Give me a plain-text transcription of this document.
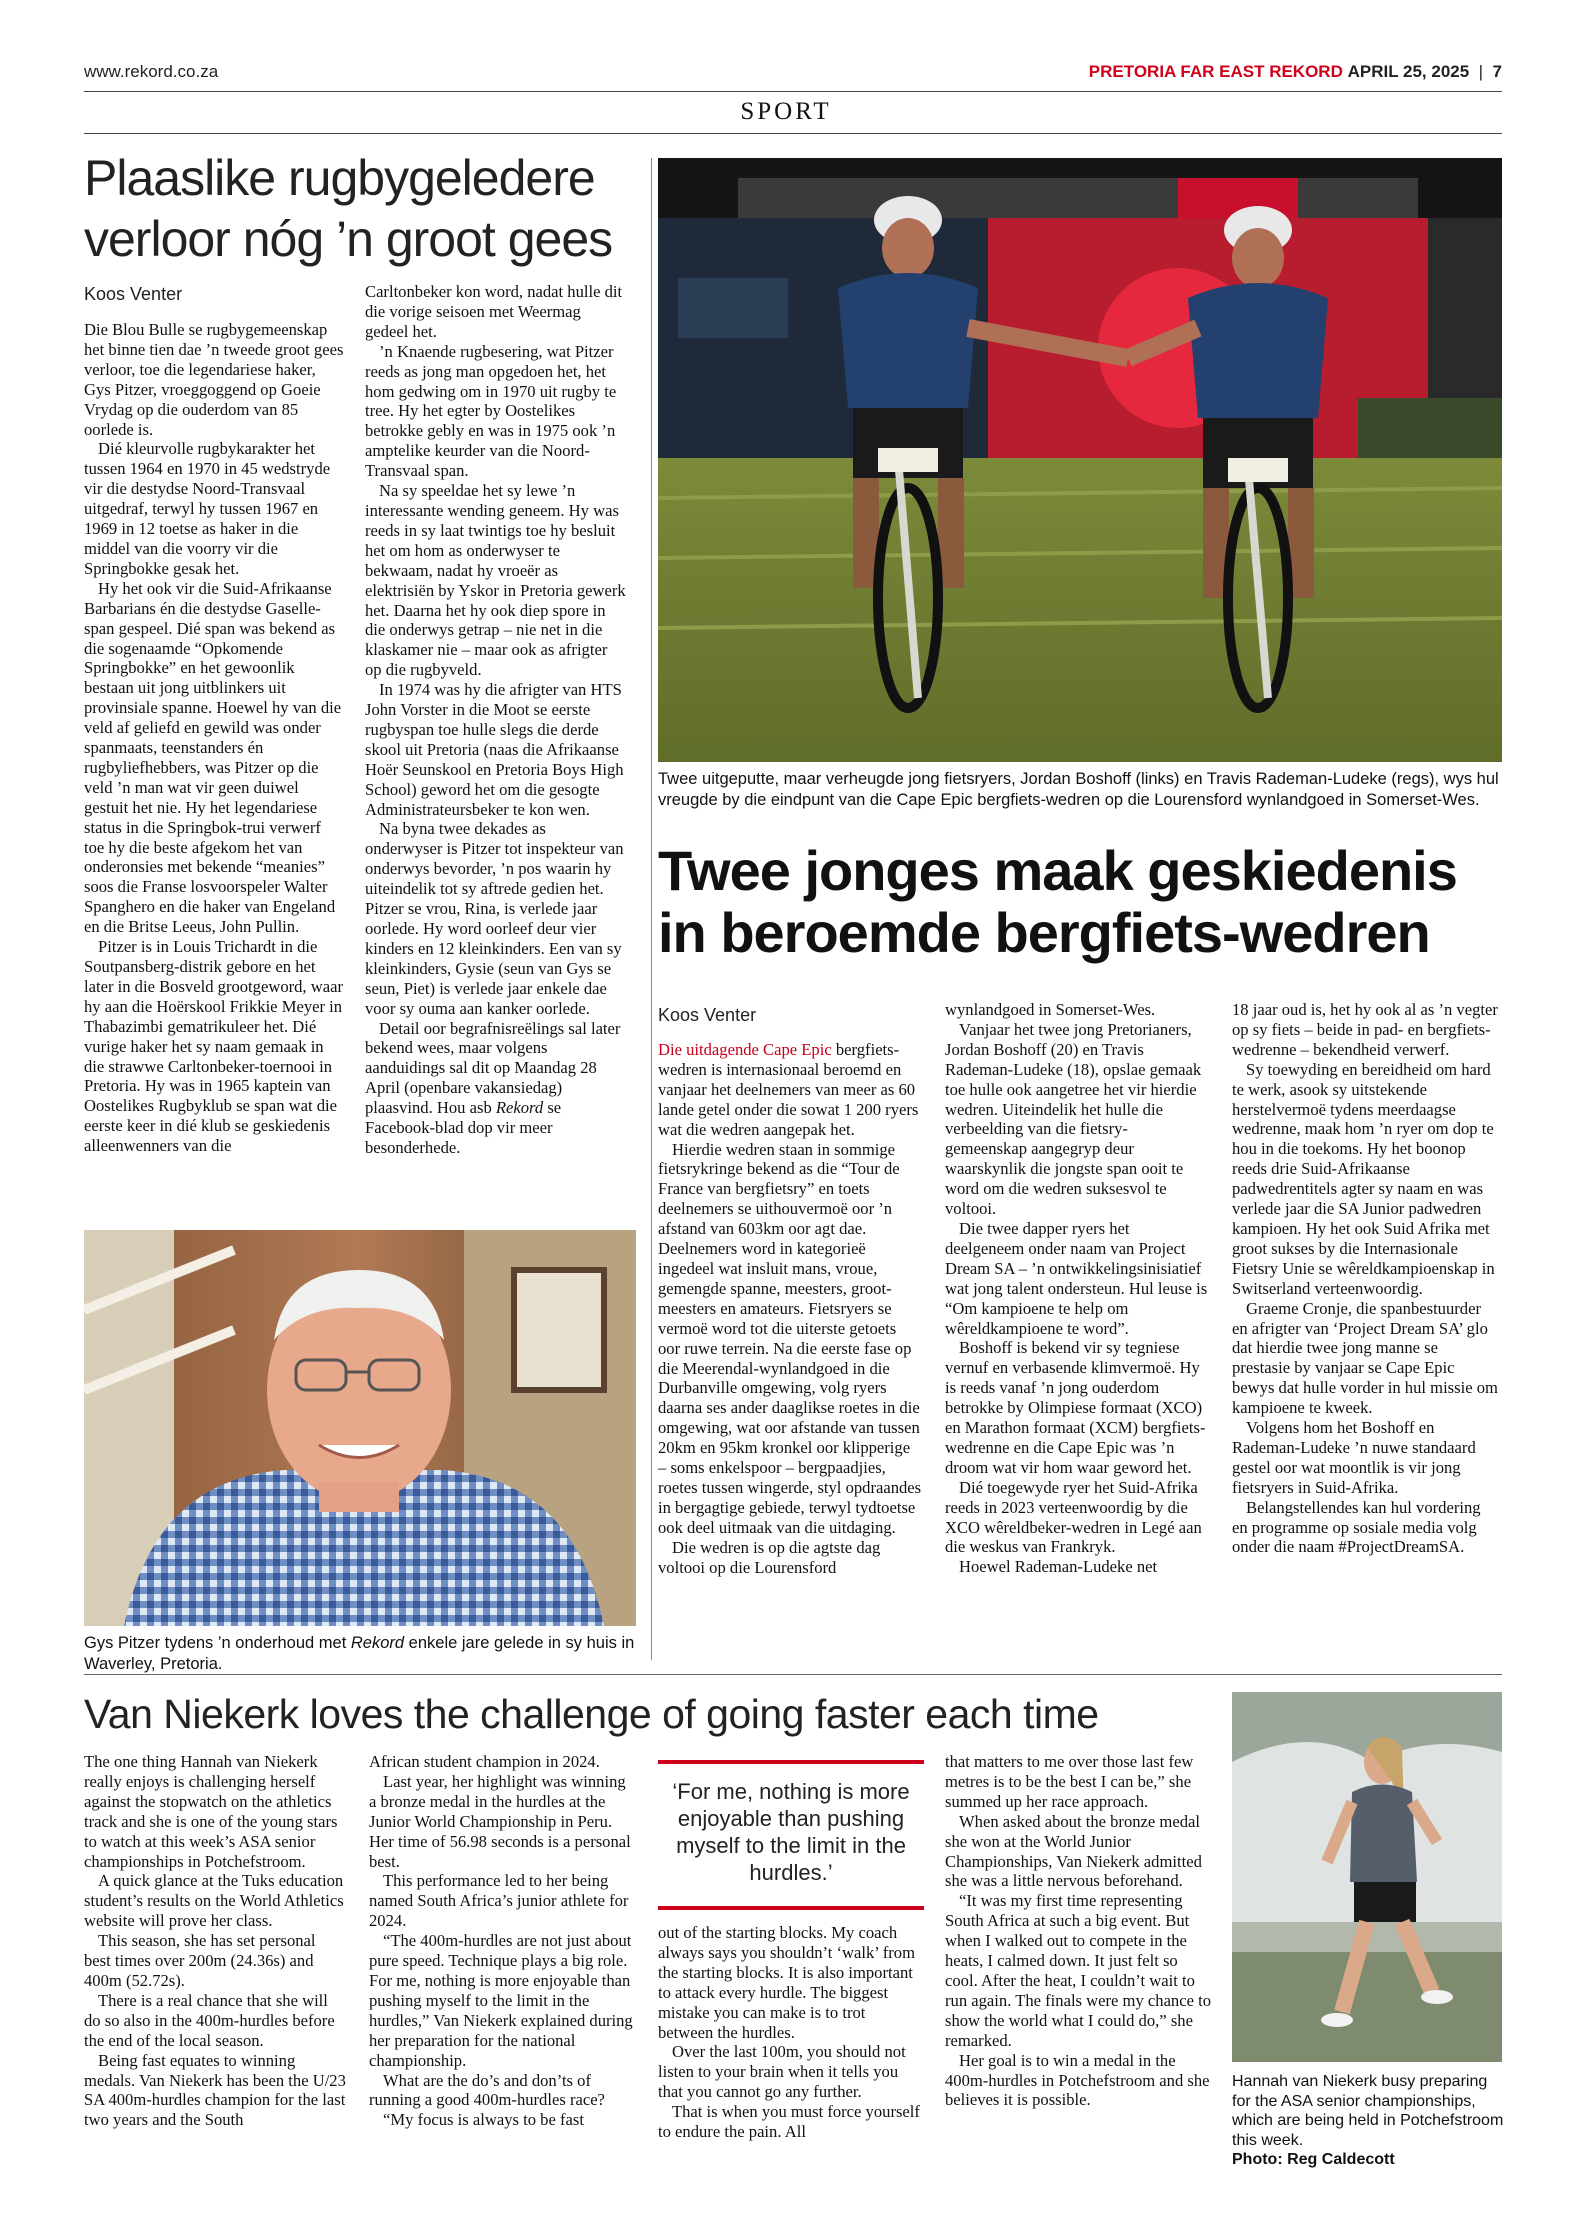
www.rekord.co.za	PRETORIA FAR EAST REKORD APRIL 25, 2025 | 7
SPORT
Plaaslike rugbygeledere verloor nóg ’n groot gees
Koos Venter

Die Blou Bulle se rugbygemeenskap het binne tien dae ’n tweede groot gees verloor, toe die legendariese haker, Gys Pitzer, vroeggoggend op Goeie Vrydag op die ouderdom van 85 oorlede is.

Dié kleurvolle rugbykarakter het tussen 1964 en 1970 in 45 wedstryde vir die destydse Noord-Transvaal uitgedraf, terwyl hy tussen 1967 en 1969 in 12 toetse as haker in die middel van die voorry vir die Springbokke gesak het.

Hy het ook vir die Suid-Afrikaanse Barbarians én die destydse Gaselle-span gespeel. Dié span was bekend as die sogenaamde “Opkomende Springbokke” en het gewoonlik bestaan uit jong uitblinkers uit provinsiale spanne. Hoewel hy van die veld af geliefd en gewild was onder spanmaats, teenstanders én rugbyliefhebbers, was Pitzer op die veld ’n man wat vir geen duiwel gestuit het nie. Hy het legendariese status in die Springbok-trui verwerf toe hy die beste afgekom het van onderonsies met bekende “meanies” soos die Franse losvoorspeler Walter Spanghero en die haker van Engeland en die Britse Leeus, John Pullin.

Pitzer is in Louis Trichardt in die Soutpansberg-distrik gebore en het later in die Bosveld grootgeword, waar hy aan die Hoërskool Frikkie Meyer in Thabazimbi gematrikuleer het. Dié vurige haker het sy naam gemaak in die strawwe Carltonbeker-toernooi in Pretoria. Hy was in 1965 kaptein van Oostelikes Rugbyklub se span wat die eerste keer in dié klub se geskiedenis alleenwenners van die

Carltonbeker kon word, nadat hulle dit die vorige seisoen met Weermag gedeel het.

’n Knaende rugbesering, wat Pitzer reeds as jong man opgedoen het, het hom gedwing om in 1970 uit rugby te tree. Hy het egter by Oostelikes betrokke gebly en was in 1975 ook ’n amptelike keurder van die Noord-Transvaal span.

Na sy speeldae het sy lewe ’n interessante wending geneem. Hy was reeds in sy laat twintigs toe hy besluit het om hom as onderwyser te bekwaam, nadat hy vroeër as elektrisiën by Yskor in Pretoria gewerk het. Daarna het hy ook diep spore in die onderwys getrap – nie net in die klaskamer nie – maar ook as afrigter op die rugbyveld.

In 1974 was hy die afrigter van HTS John Vorster in die Moot se eerste rugbyspan toe hulle slegs die derde skool uit Pretoria (naas die Afrikaanse Hoër Seunskool en Pretoria Boys High School) geword het om die gesogte Administrateursbeker te kon wen.

Na byna twee dekades as onderwyser is Pitzer tot inspekteur van onderwys bevorder, ’n pos waarin hy uiteindelik tot sy aftrede gedien het. Pitzer se vrou, Rina, is verlede jaar oorlede. Hy word oorleef deur vier kinders en 12 kleinkinders. Een van sy kleinkinders, Gysie (seun van Gys se seun, Piet) is verlede jaar enkele dae voor sy ouma aan kanker oorlede.

Detail oor begrafnisreëlings sal later bekend wees, maar volgens aanduidings sal dit op Maandag 28 April (openbare vakansiedag) plaasvind. Hou asb Rekord se Facebook-blad dop vir meer besonderhede.

Gys Pitzer tydens ’n onderhoud met Rekord enkele jare gelede in sy huis in Waverley, Pretoria.
Twee uitgeputte, maar verheugde jong fietsryers, Jordan Boshoff (links) en Travis Rademan-Ludeke (regs), wys hul vreugde by die eindpunt van die Cape Epic bergfiets-wedren op die Lourensford wynlandgoed in Somerset-Wes.
Twee jonges maak geskiedenis in beroemde bergfiets-wedren
Koos Venter

Die uitdagende Cape Epic bergfiets-wedren is internasionaal beroemd en vanjaar het deelnemers van meer as 60 lande getel onder die sowat 1 200 ryers wat die wedren aangepak het.

Hierdie wedren staan in sommige fietsrykringe bekend as die “Tour de France van bergfietsry” en toets deelnemers se uithouvermoë oor ’n afstand van 603km oor agt dae. Deelnemers word in kategorieë ingedeel wat insluit mans, vroue, gemengde spanne, meesters, groot-meesters en amateurs. Fietsryers se vermoë word tot die uiterste getoets oor ruwe terrein. Na die eerste fase op die Meerendal-wynlandgoed in die Durbanville omgewing, volg ryers daarna ses ander daaglikse roetes in die omgewing, wat oor afstande van tussen 20km en 95km kronkel oor klipperige – soms enkelspoor – bergpaadjies, roetes tussen wingerde, styl opdraandes in bergagtige gebiede, terwyl tydtoetse ook deel uitmaak van die uitdaging.

Die wedren is op die agtste dag voltooi op die Lourensford

wynlandgoed in Somerset-Wes.

Vanjaar het twee jong Pretorianers, Jordan Boshoff (20) en Travis Rademan-Ludeke (18), opslae gemaak toe hulle ook aangetree het vir hierdie wedren. Uiteindelik het hulle die verbeelding van die fietsry-gemeenskap aangegryp deur waarskynlik die jongste span ooit te word om die wedren suksesvol te voltooi.

Die twee dapper ryers het deelgeneem onder naam van Project Dream SA – ’n ontwikkelingsinisiatief wat jong talent ondersteun. Hul leuse is “Om kampioene te help om wêreldkampioene te word”.

Boshoff is bekend vir sy tegniese vernuf en verbasende klimvermoë. Hy is reeds vanaf ’n jong ouderdom betrokke by Olimpiese formaat (XCO) en Marathon formaat (XCM) bergfiets-wedrenne en die Cape Epic was ’n droom wat vir hom waar geword het.

Dié toegewyde ryer het Suid-Afrika reeds in 2023 verteenwoordig by die XCO wêreldbeker-wedren in Legé aan die weskus van Frankryk.

Hoewel Rademan-Ludeke net

18 jaar oud is, het hy ook al as ’n vegter op sy fiets – beide in pad- en bergfiets-wedrenne – bekendheid verwerf.

Sy toewyding en bereidheid om hard te werk, asook sy uitstekende herstelvermoë tydens meerdaagse wedrenne, maak hom ’n ryer om dop te hou in die toekoms. Hy het boonop reeds drie Suid-Afrikaanse padwedrentitels agter sy naam en was verlede jaar die SA Junior padwedren kampioen. Hy het ook Suid Afrika met groot sukses by die Internasionale Fietsry Unie se wêreldkampioenskap in Switserland verteenwoordig.

Graeme Cronje, die spanbestuurder en afrigter van ‘Project Dream SA’ glo dat hierdie twee jong manne se prestasie by vanjaar se Cape Epic bewys dat hulle vorder in hul missie om kampioene te kweek.

Volgens hom het Boshoff en Rademan-Ludeke ’n nuwe standaard gestel oor wat moontlik is vir jong fietsryers in Suid-Afrika.

Belangstellendes kan hul vordering en programme op sosiale media volg onder die naam #ProjectDreamSA.

Van Niekerk loves the challenge of going faster each time

The one thing Hannah van Niekerk really enjoys is challenging herself against the stopwatch on the athletics track and she is one of the young stars to watch at this week’s ASA senior championships in Potchefstroom.

A quick glance at the Tuks education student’s results on the World Athletics website will prove her class.

This season, she has set personal best times over 200m (24.36s) and 400m (52.72s).

There is a real chance that she will do so also in the 400m-hurdles before the end of the local season.

Being fast equates to winning medals. Van Niekerk has been the U/23 SA 400m-hurdles champion for the last two years and the South

African student champion in 2024.

Last year, her highlight was winning a bronze medal in the hurdles at the Junior World Championship in Peru. Her time of 56.98 seconds is a personal best.

This performance led to her being named South Africa’s junior athlete for 2024.

“The 400m-hurdles are not just about pure speed. Technique plays a big role. For me, nothing is more enjoyable than pushing myself to the limit in the hurdles,” Van Niekerk explained during her preparation for the national championship.

What are the do’s and don’ts of running a good 400m-hurdles race?

“My focus is always to be fast

‘For me, nothing is more enjoyable than pushing myself to the limit in the hurdles.’

out of the starting blocks. My coach always says you shouldn’t ‘walk’ from the starting blocks. It is also important to attack every hurdle. The biggest mistake you can make is to trot between the hurdles.

Over the last 100m, you should not listen to your brain when it tells you that you cannot go any further.

That is when you must force yourself to endure the pain. All

that matters to me over those last few metres is to be the best I can be,” she summed up her race approach.

When asked about the bronze medal she won at the World Junior Championships, Van Niekerk admitted she was a little nervous beforehand.

“It was my first time representing South Africa at such a big event. But when I walked out to compete in the heats, I calmed down. It just felt so cool. After the heat, I couldn’t wait to run again. The finals were my chance to show the world what I could do,” she remarked.

Her goal is to win a medal in the 400m-hurdles in Potchefstroom and she believes it is possible.

Hannah van Niekerk busy preparing for the ASA senior championships, which are being held in Potchefstroom this week.
Photo: Reg Caldecott
